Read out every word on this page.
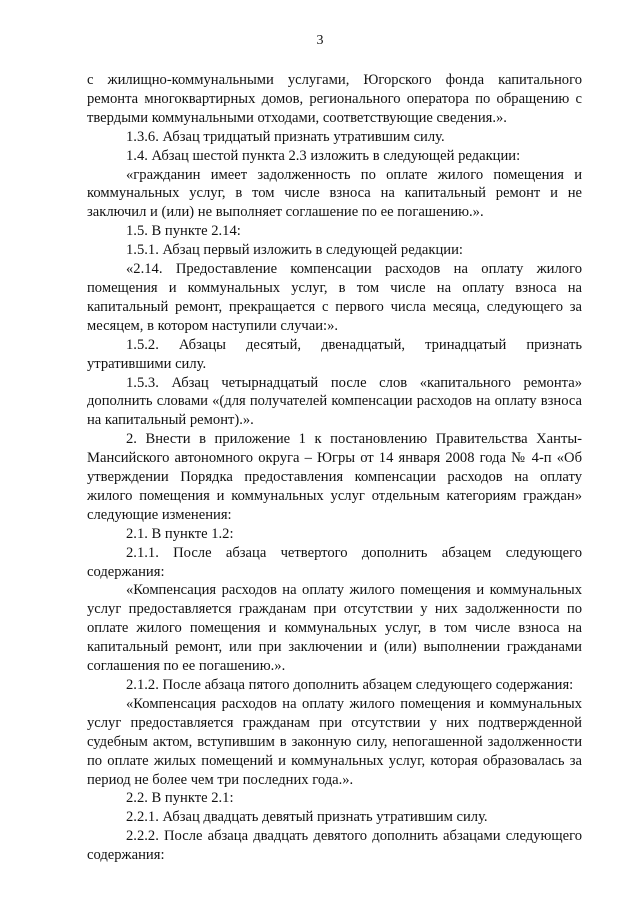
3

с жилищно-коммунальными услугами, Югорского фонда капитального ремонта многоквартирных домов, регионального оператора по обращению с твердыми коммунальными отходами, соответствующие сведения.».

1.3.6. Абзац тридцатый признать утратившим силу.

1.4. Абзац шестой пункта 2.3 изложить в следующей редакции:

«гражданин имеет задолженность по оплате жилого помещения и коммунальных услуг, в том числе взноса на капитальный ремонт и не заключил и (или) не выполняет соглашение по ее погашению.».

1.5. В пункте 2.14:

1.5.1. Абзац первый изложить в следующей редакции:

«2.14. Предоставление компенсации расходов на оплату жилого помещения и коммунальных услуг, в том числе на оплату взноса на капитальный ремонт, прекращается с первого числа месяца, следующего за месяцем, в котором наступили случаи:».

1.5.2. Абзацы десятый, двенадцатый, тринадцатый признать утратившими силу.

1.5.3. Абзац четырнадцатый после слов «капитального ремонта» дополнить словами «(для получателей компенсации расходов на оплату взноса на капитальный ремонт).».

2. Внести в приложение 1 к постановлению Правительства Ханты-Мансийского автономного округа – Югры от 14 января 2008 года № 4-п «Об утверждении Порядка предоставления компенсации расходов на оплату жилого помещения и коммунальных услуг отдельным категориям граждан» следующие изменения:

2.1. В пункте 1.2:

2.1.1. После абзаца четвертого дополнить абзацем следующего содержания:

«Компенсация расходов на оплату жилого помещения и коммунальных услуг предоставляется гражданам при отсутствии у них задолженности по оплате жилого помещения и коммунальных услуг, в том числе взноса на капитальный ремонт, или при заключении и (или) выполнении гражданами соглашения по ее погашению.».

2.1.2. После абзаца пятого дополнить абзацем следующего содержания:

«Компенсация расходов на оплату жилого помещения и коммунальных услуг предоставляется гражданам при отсутствии у них подтвержденной судебным актом, вступившим в законную силу, непогашенной задолженности по оплате жилых помещений и коммунальных услуг, которая образовалась за период не более чем три последних года.».

2.2. В пункте 2.1:

2.2.1. Абзац двадцать девятый признать утратившим силу.

2.2.2. После абзаца двадцать девятого дополнить абзацами следующего содержания:
